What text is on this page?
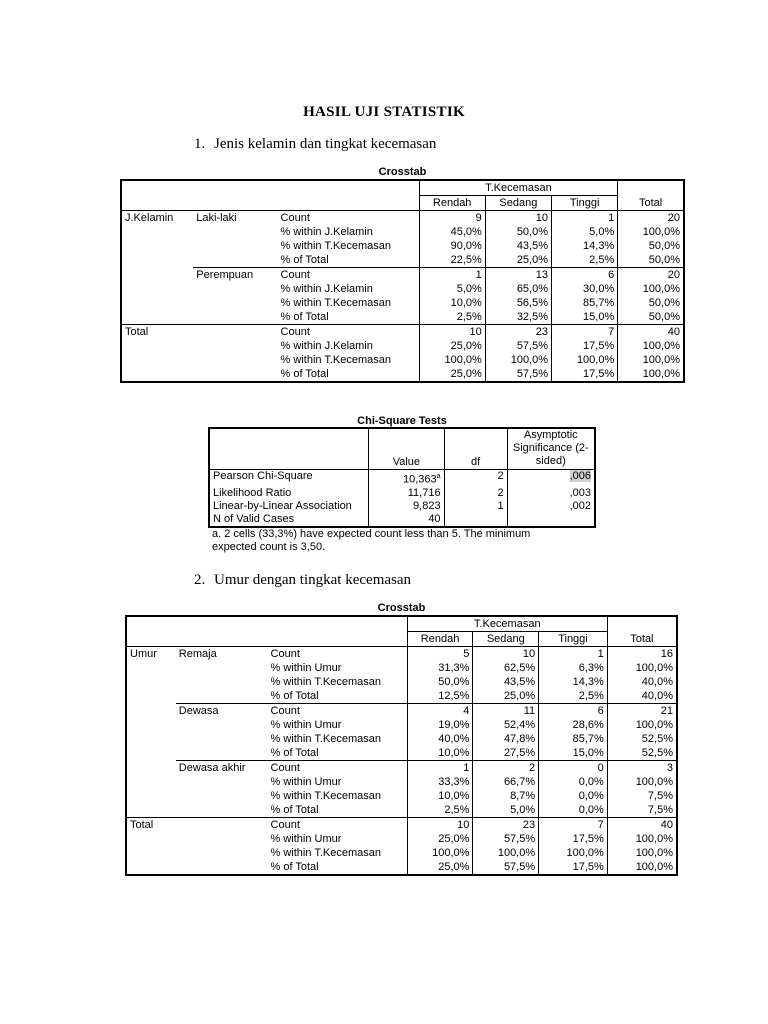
HASIL UJI STATISTIK
1. Jenis kelamin dan tingkat kecemasan
Crosstab
			T.Kecemasan			
			Rendah	Sedang	Tinggi	Total
J.Kelamin	Laki-laki	Count	9	10	1	20
		% within J.Kelamin	45,0%	50,0%	5,0%	100,0%
		% within T.Kecemasan	90,0%	43,5%	14,3%	50,0%
		% of Total	22,5%	25,0%	2,5%	50,0%
	Perempuan	Count	1	13	6	20
		% within J.Kelamin	5,0%	65,0%	30,0%	100,0%
		% within T.Kecemasan	10,0%	56,5%	85,7%	50,0%
		% of Total	2,5%	32,5%	15,0%	50,0%
Total		Count	10	23	7	40
		% within J.Kelamin	25,0%	57,5%	17,5%	100,0%
		% within T.Kecemasan	100,0%	100,0%	100,0%	100,0%
		% of Total	25,0%	57,5%	17,5%	100,0%
Chi-Square Tests
	Value	df	Asymptotic
Significance (2-
sided)
Pearson Chi-Square	10,363$^a$	2	,006
Likelihood Ratio	11,716	2	,003
Linear-by-Linear Association	9,823	1	,002
N of Valid Cases	40		
a. 2 cells (33,3%) have expected count less than 5. The minimum
expected count is 3,50.
2. Umur dengan tingkat kecemasan
Crosstab
			T.Kecemasan			
			Rendah	Sedang	Tinggi	Total
Umur	Remaja	Count	5	10	1	16
		% within Umur	31,3%	62,5%	6,3%	100,0%
		% within T.Kecemasan	50,0%	43,5%	14,3%	40,0%
		% of Total	12,5%	25,0%	2,5%	40,0%
	Dewasa	Count	4	11	6	21
		% within Umur	19,0%	52,4%	28,6%	100,0%
		% within T.Kecemasan	40,0%	47,8%	85,7%	52,5%
		% of Total	10,0%	27,5%	15,0%	52,5%
	Dewasa akhir	Count	1	2	0	3
		% within Umur	33,3%	66,7%	0,0%	100,0%
		% within T.Kecemasan	10,0%	8,7%	0,0%	7,5%
		% of Total	2,5%	5,0%	0,0%	7,5%
Total		Count	10	23	7	40
		% within Umur	25,0%	57,5%	17,5%	100,0%
		% within T.Kecemasan	100,0%	100,0%	100,0%	100,0%
		% of Total	25,0%	57,5%	17,5%	100,0%
